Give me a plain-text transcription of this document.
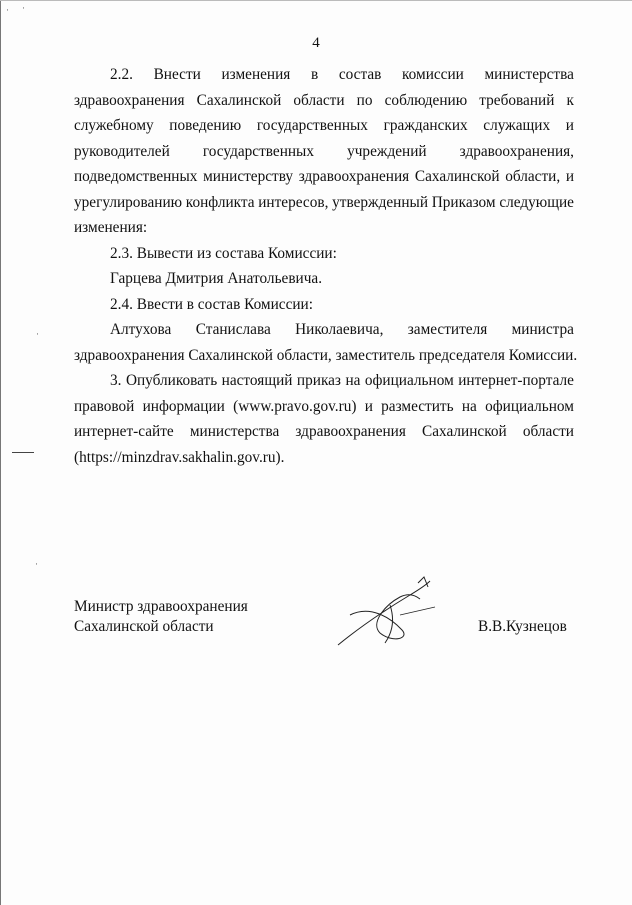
· ·
·
·
4
2.2. Внести изменения в состав комиссии министерства
здравоохранения Сахалинской области по соблюдению требований к
служебному поведению государственных гражданских служащих и
руководителей государственных учреждений здравоохранения,
подведомственных министерству здравоохранения Сахалинской области, и
урегулированию конфликта интересов, утвержденный Приказом следующие
изменения:
2.3. Вывести из состава Комиссии:
Гарцева Дмитрия Анатольевича.
2.4. Ввести в состав Комиссии:
Алтухова Станислава Николаевича, заместителя министра
здравоохранения Сахалинской области, заместитель председателя Комиссии.
3. Опубликовать настоящий приказ на официальном интернет-портале
правовой информации (www.pravo.gov.ru) и разместить на официальном
интернет-сайте министерства здравоохранения Сахалинской области
(https://minzdrav.sakhalin.gov.ru).
Министр здравоохранения
Сахалинской области	В.В.Кузнецов
